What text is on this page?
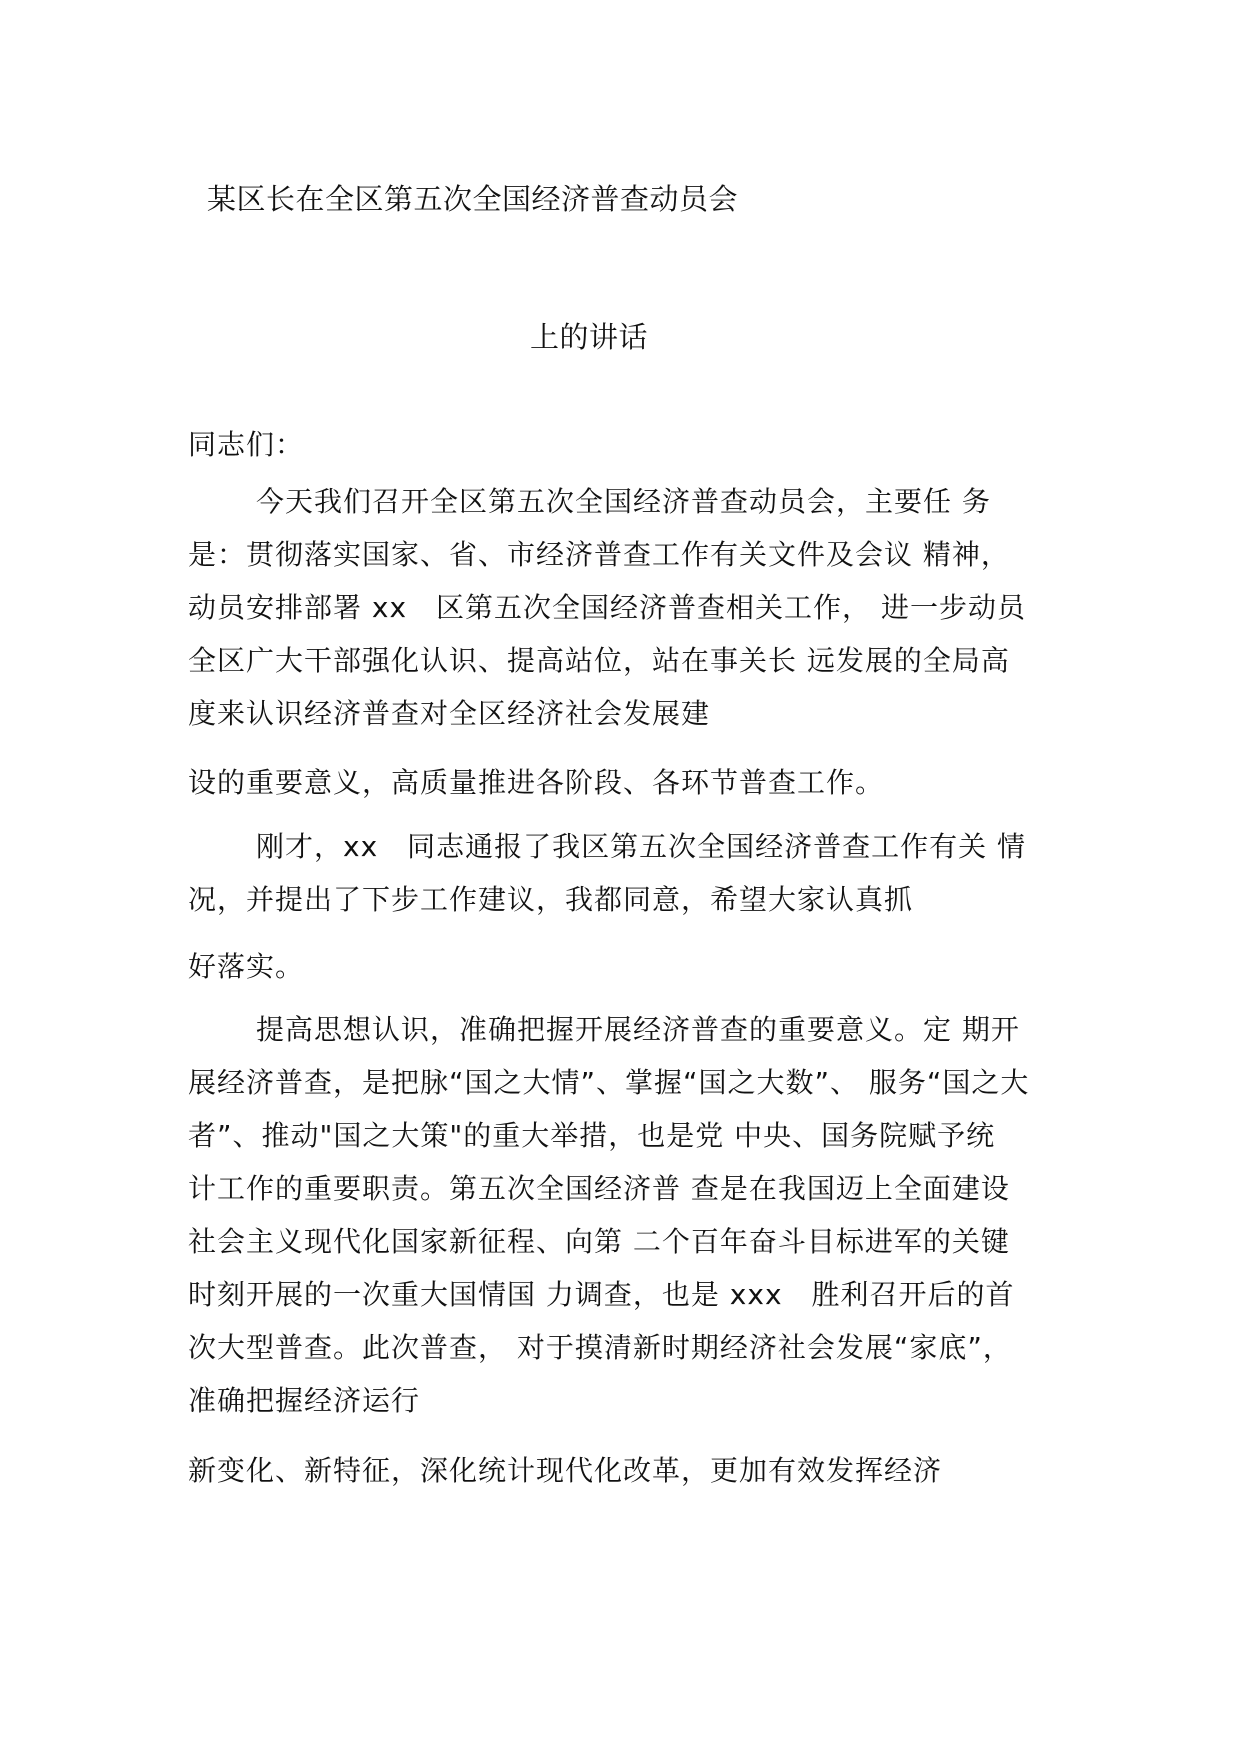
某区长在全区第五次全国经济普查动员会
上的讲话
同志们：
今天我们召开全区第五次全国经济普查动员会，主要任 务
是：贯彻落实国家、省、市经济普查工作有关文件及会议 精神，
动员安排部署 xx　区第五次全国经济普查相关工作， 进一步动员
全区广大干部强化认识、提高站位，站在事关长 远发展的全局高
度来认识经济普查对全区经济社会发展建
设的重要意义，高质量推进各阶段、各环节普查工作。
刚才，xx　同志通报了我区第五次全国经济普查工作有关 情
况，并提出了下步工作建议，我都同意，希望大家认真抓
好落实。
提高思想认识，准确把握开展经济普查的重要意义。定 期开
展经济普查，是把脉“国之大情”、掌握“国之大数”、 服务“国之大
者”、推动"国之大策"的重大举措，也是党 中央、国务院赋予统
计工作的重要职责。第五次全国经济普 查是在我国迈上全面建设
社会主义现代化国家新征程、向第 二个百年奋斗目标进军的关键
时刻开展的一次重大国情国 力调查，也是 xxx　胜利召开后的首
次大型普查。此次普查， 对于摸清新时期经济社会发展“家底”，
准确把握经济运行
新变化、新特征，深化统计现代化改革，更加有效发挥经济
